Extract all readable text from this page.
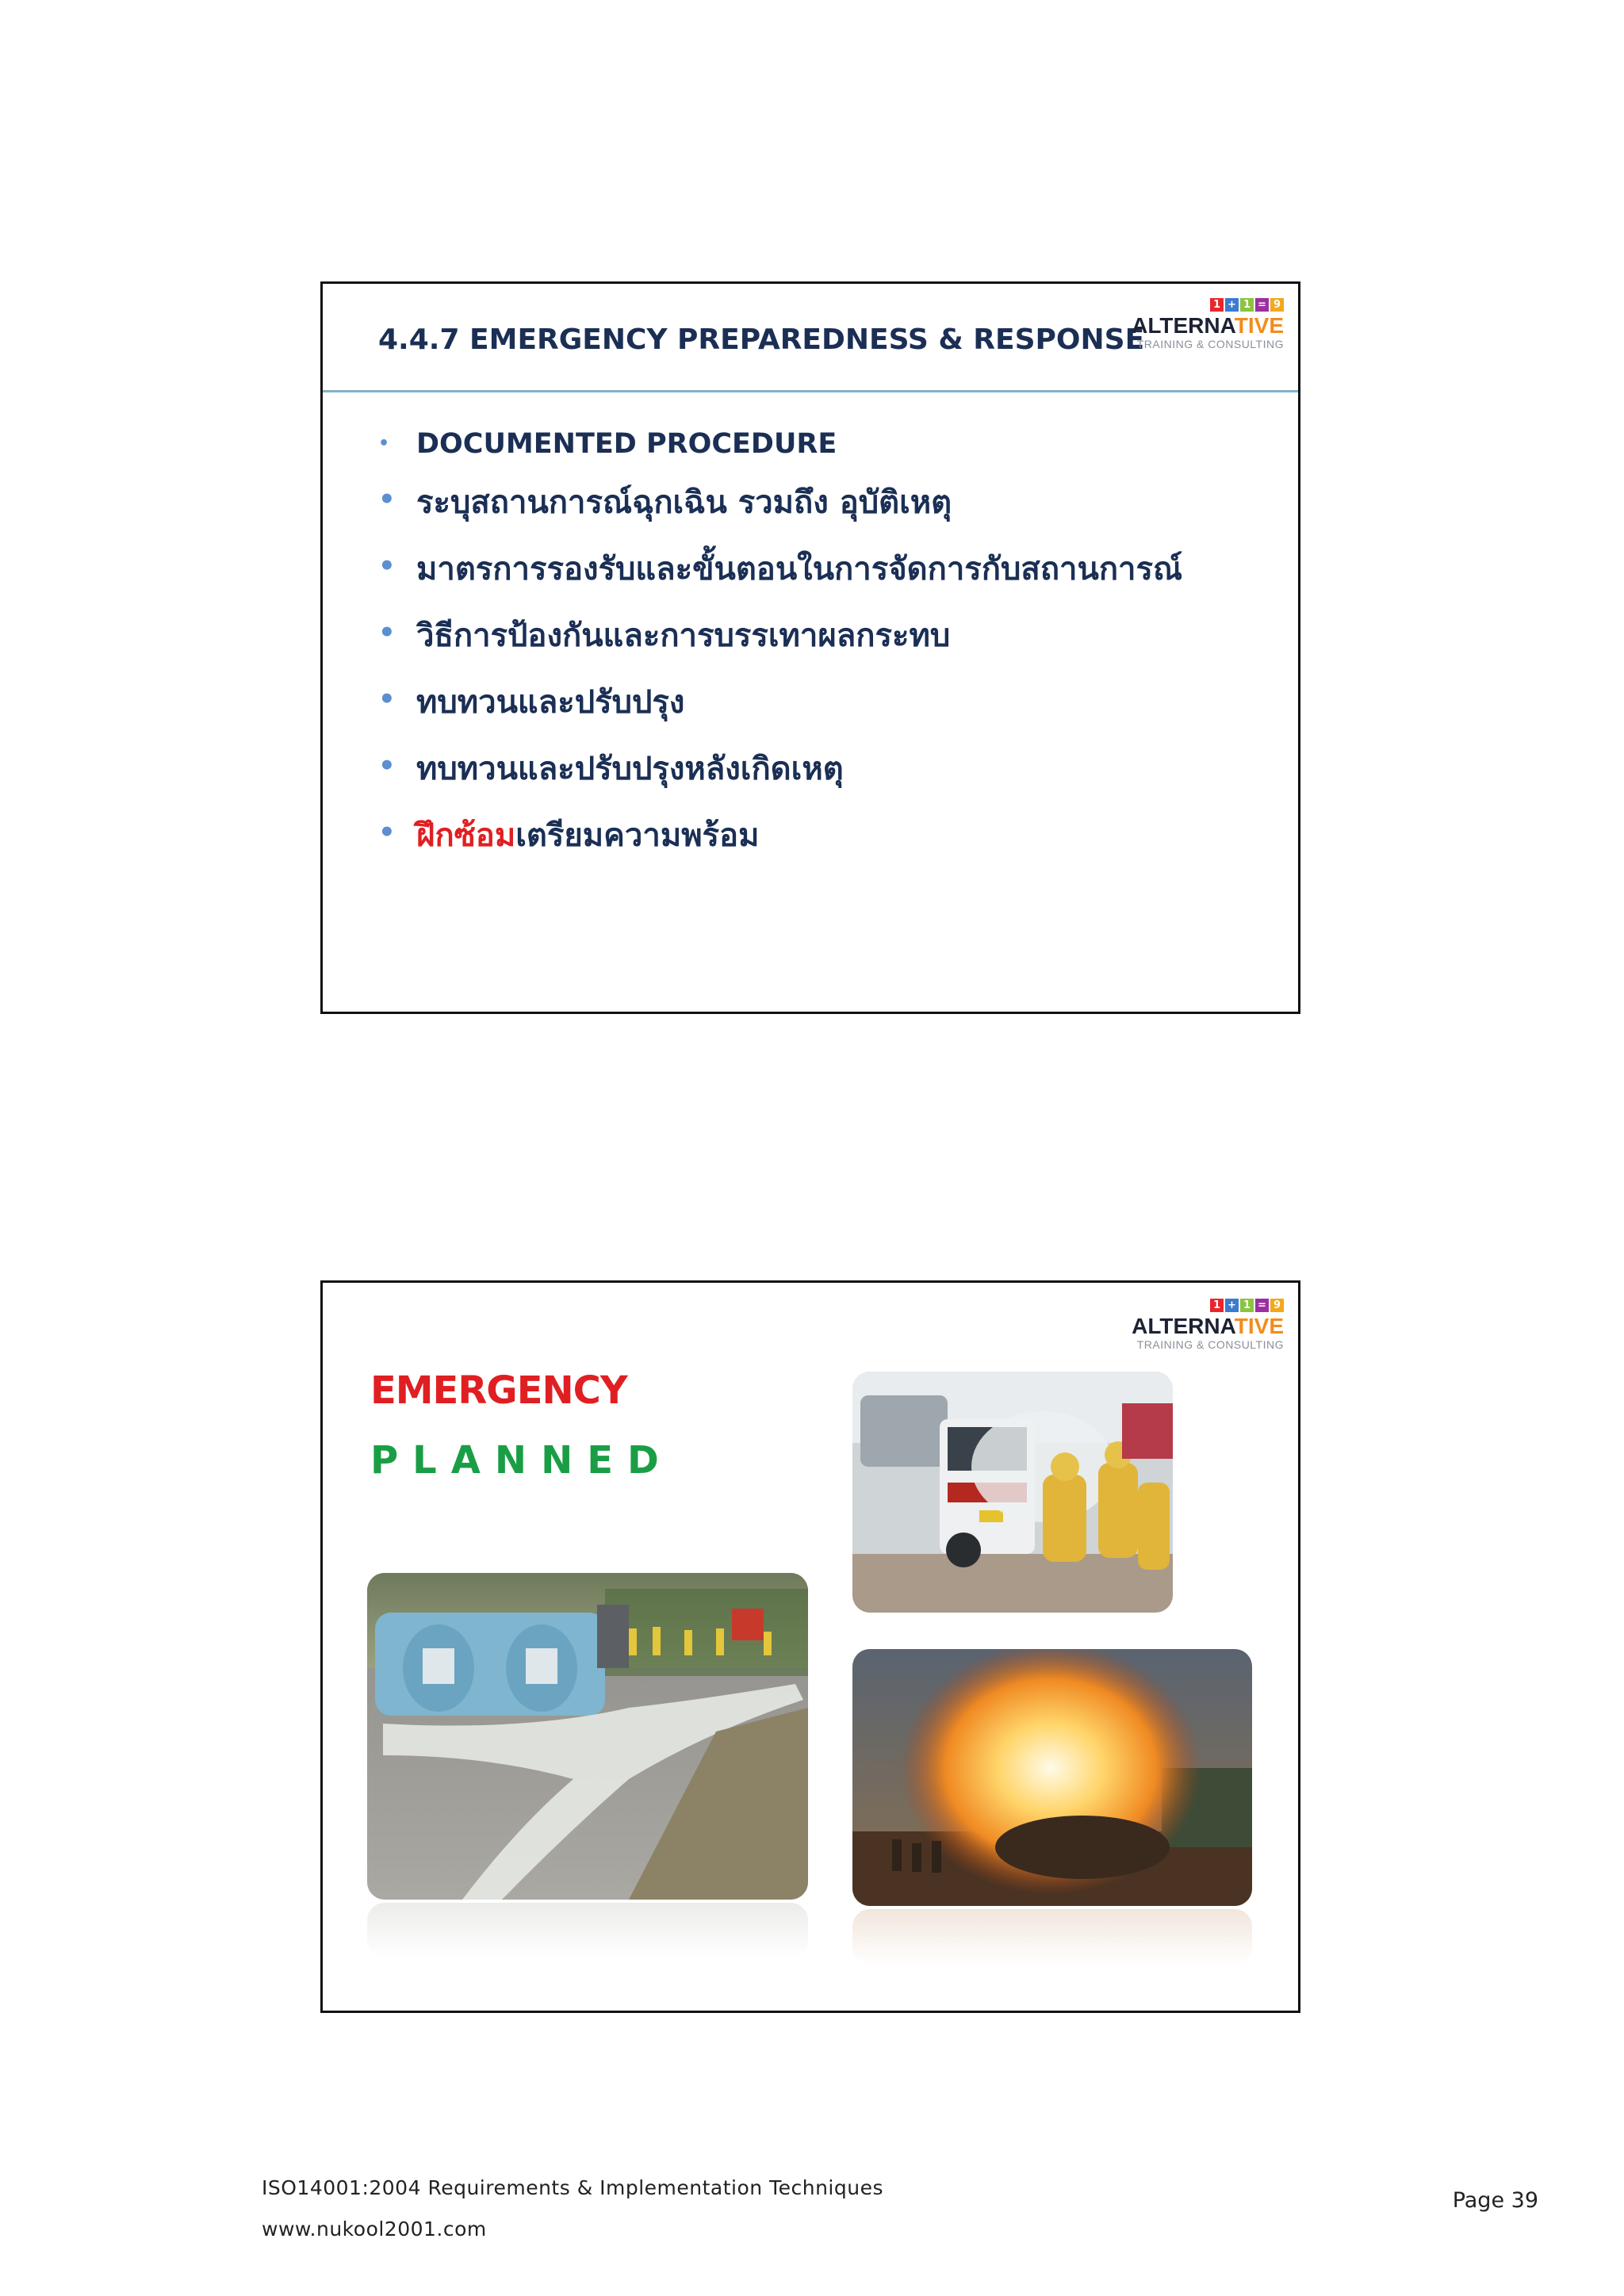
4.4.7 EMERGENCY PREPAREDNESS & RESPONSE
1 + 1 = 9
ALTERNATIVE
TRAINING & CONSULTING
• DOCUMENTED PROCEDURE
• ระบุสถานการณ์ฉุกเฉิน รวมถึง อุบัติเหตุ
• มาตรการรองรับและขั้นตอนในการจัดการกับสถานการณ์
• วิธีการป้องกันและการบรรเทาผลกระทบ
• ทบทวนและปรับปรุง
• ทบทวนและปรับปรุงหลังเกิดเหตุ
• ฝึกซ้อมเตรียมความพร้อม
1 + 1 = 9
ALTERNATIVE
TRAINING & CONSULTING
EMERGENCY
PLANNED
ISO14001:2004 Requirements & Implementation Techniques
www.nukool2001.com
Page 39
